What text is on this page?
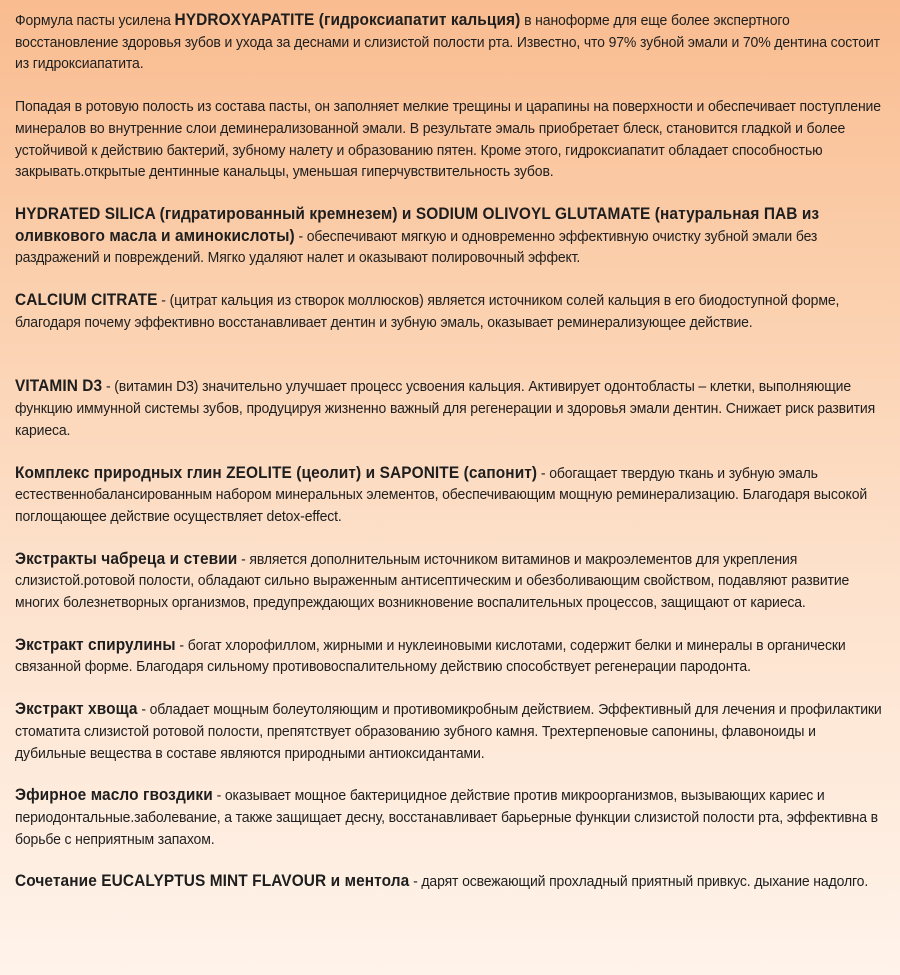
Формула пасты усилена HYDROXYAPATITE (гидроксиапатит кальция) в наноформе для еще более экспертного восстановление здоровья зубов и ухода за деснами и слизистой полости рта. Известно, что 97% зубной эмали и 70% дентина состоит из гидроксиапатита.

Попадая в ротовую полость из состава пасты, он заполняет мелкие трещины и царапины на поверхности и обеспечивает поступление минералов во внутренние слои деминерализованной эмали. В результате эмаль приобретает блеск, становится гладкой и более устойчивой к действию бактерий, зубному налету и образованию пятен. Кроме этого, гидроксиапатит обладает способностью закрывать.открытые дентинные канальцы, уменьшая гиперчувствительность зубов.

HYDRATED SILICA (гидратированный кремнезем) и SODIUM OLIVOYL GLUTAMATE (натуральная ПАВ из оливкового масла и аминокислоты) - обеспечивают мягкую и одновременно эффективную очистку зубной эмали без раздражений и повреждений. Мягко удаляют налет и оказывают полировочный эффект.

CALCIUM CITRATE - (цитрат кальция из створок моллюсков) является источником солей кальция в его биодоступной форме, благодаря почему эффективно восстанавливает дентин и зубную эмаль, оказывает реминерализующее действие.

VITAMIN D3 - (витамин D3) значительно улучшает процесс усвоения кальция. Активирует одонтобласты – клетки, выполняющие функцию иммунной системы зубов, продуцируя жизненно важный для регенерации и здоровья эмали дентин. Снижает риск развития кариеса.

Комплекс природных глин ZEOLITE (цеолит) и SAPONITE (сапонит) - обогащает твердую ткань и зубную эмаль естественнобалансированным набором минеральных элементов, обеспечивающим мощную реминерализацию. Благодаря высокой поглощающее действие осуществляет detox-effect.

Экстракты чабреца и стевии - является дополнительным источником витаминов и макроэлементов для укрепления слизистой.ротовой полости, обладают сильно выраженным антисептическим и обезболивающим свойством, подавляют развитие многих болезнетворных организмов, предупреждающих возникновение воспалительных процессов, защищают от кариеса.

Экстракт спирулины - богат хлорофиллом, жирными и нуклеиновыми кислотами, содержит белки и минералы в органически связанной форме. Благодаря сильному противовоспалительному действию способствует регенерации пародонта.

Экстракт хвоща - обладает мощным болеутоляющим и противомикробным действием. Эффективный для лечения и профилактики стоматита слизистой ротовой полости, препятствует образованию зубного камня. Трехтерпеновые сапонины, флавоноиды и дубильные вещества в составе являются природными антиоксидантами.

Эфирное масло гвоздики - оказывает мощное бактерицидное действие против микроорганизмов, вызывающих кариес и периодонтальные.заболевание, а также защищает десну, восстанавливает барьерные функции слизистой полости рта, эффективна в борьбе с неприятным запахом.

Сочетание EUCALYPTUS MINT FLAVOUR и ментола - дарят освежающий прохладный приятный привкус. дыхание надолго.
